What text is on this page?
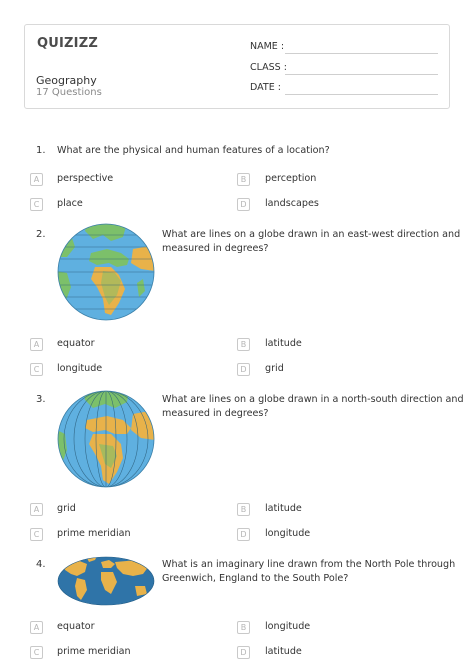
QUIZIZZ
Geography
17 Questions
NAME :
CLASS :
DATE :
1. What are the physical and human features of a location?
A	perspective	B	perception
C	place	D	landscapes
2.	What are lines on a globe drawn in an east-west direction and
measured in degrees?
A	equator	B	latitude
C	longitude	D	grid
3.	What are lines on a globe drawn in a north-south direction and
measured in degrees?
A	grid	B	latitude
C	prime meridian	D	longitude
4.	What is an imaginary line drawn from the North Pole through
Greenwich, England to the South Pole?
A	equator	B	longitude
C	prime meridian	D	latitude
